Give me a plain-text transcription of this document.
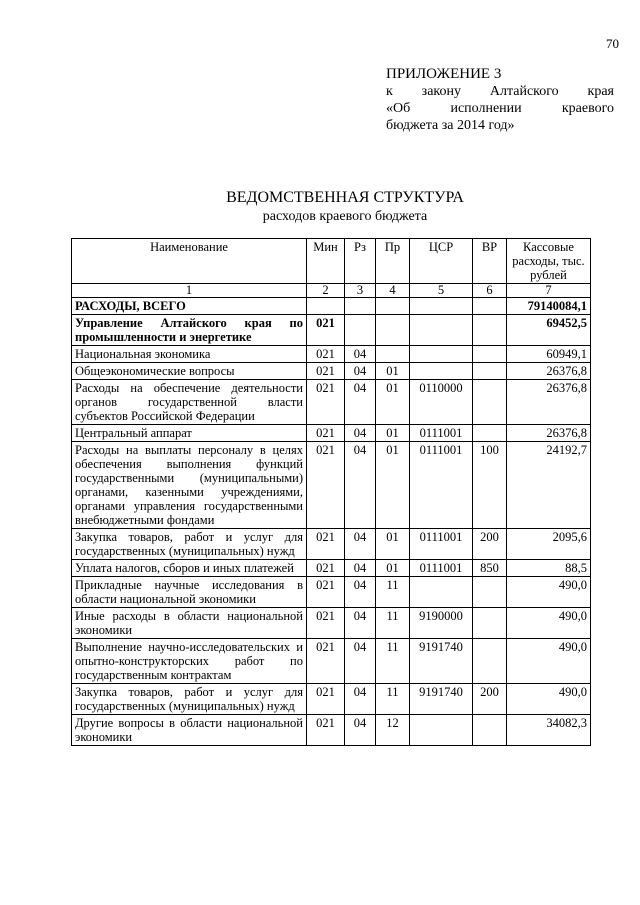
70
ПРИЛОЖЕНИЕ 3
к закону Алтайского края
«Об	исполнении	краевого
бюджета за 2014 год»
ВЕДОМСТВЕННАЯ СТРУКТУРА
расходов краевого бюджета
Наименование	Мин	Рз	Пр	ЦСР	ВР	Кассовые расходы, тыс. рублей
1	2	3	4	5	6	7
РАСХОДЫ, ВСЕГО						79140084,1
Управление Алтайского края по промышленности и энергетике	021					69452,5
Национальная экономика	021	04				60949,1
Общеэкономические вопросы	021	04	01			26376,8
Расходы на обеспечение деятельности органов государственной власти субъектов Российской Федерации	021	04	01	0110000		26376,8
Центральный аппарат	021	04	01	0111001		26376,8
Расходы на выплаты персоналу в целях обеспечения выполнения функций государственными (муниципальными) органами, казенными учреждениями, органами управления государственными внебюджетными фондами	021	04	01	0111001	100	24192,7
Закупка товаров, работ и услуг для государственных (муниципальных) нужд	021	04	01	0111001	200	2095,6
Уплата налогов, сборов и иных платежей	021	04	01	0111001	850	88,5
Прикладные научные исследования в области национальной экономики	021	04	11			490,0
Иные расходы в области национальной экономики	021	04	11	9190000		490,0
Выполнение научно-исследовательских и опытно-конструкторских работ по государственным контрактам	021	04	11	9191740		490,0
Закупка товаров, работ и услуг для государственных (муниципальных) нужд	021	04	11	9191740	200	490,0
Другие вопросы в области национальной экономики	021	04	12			34082,3
